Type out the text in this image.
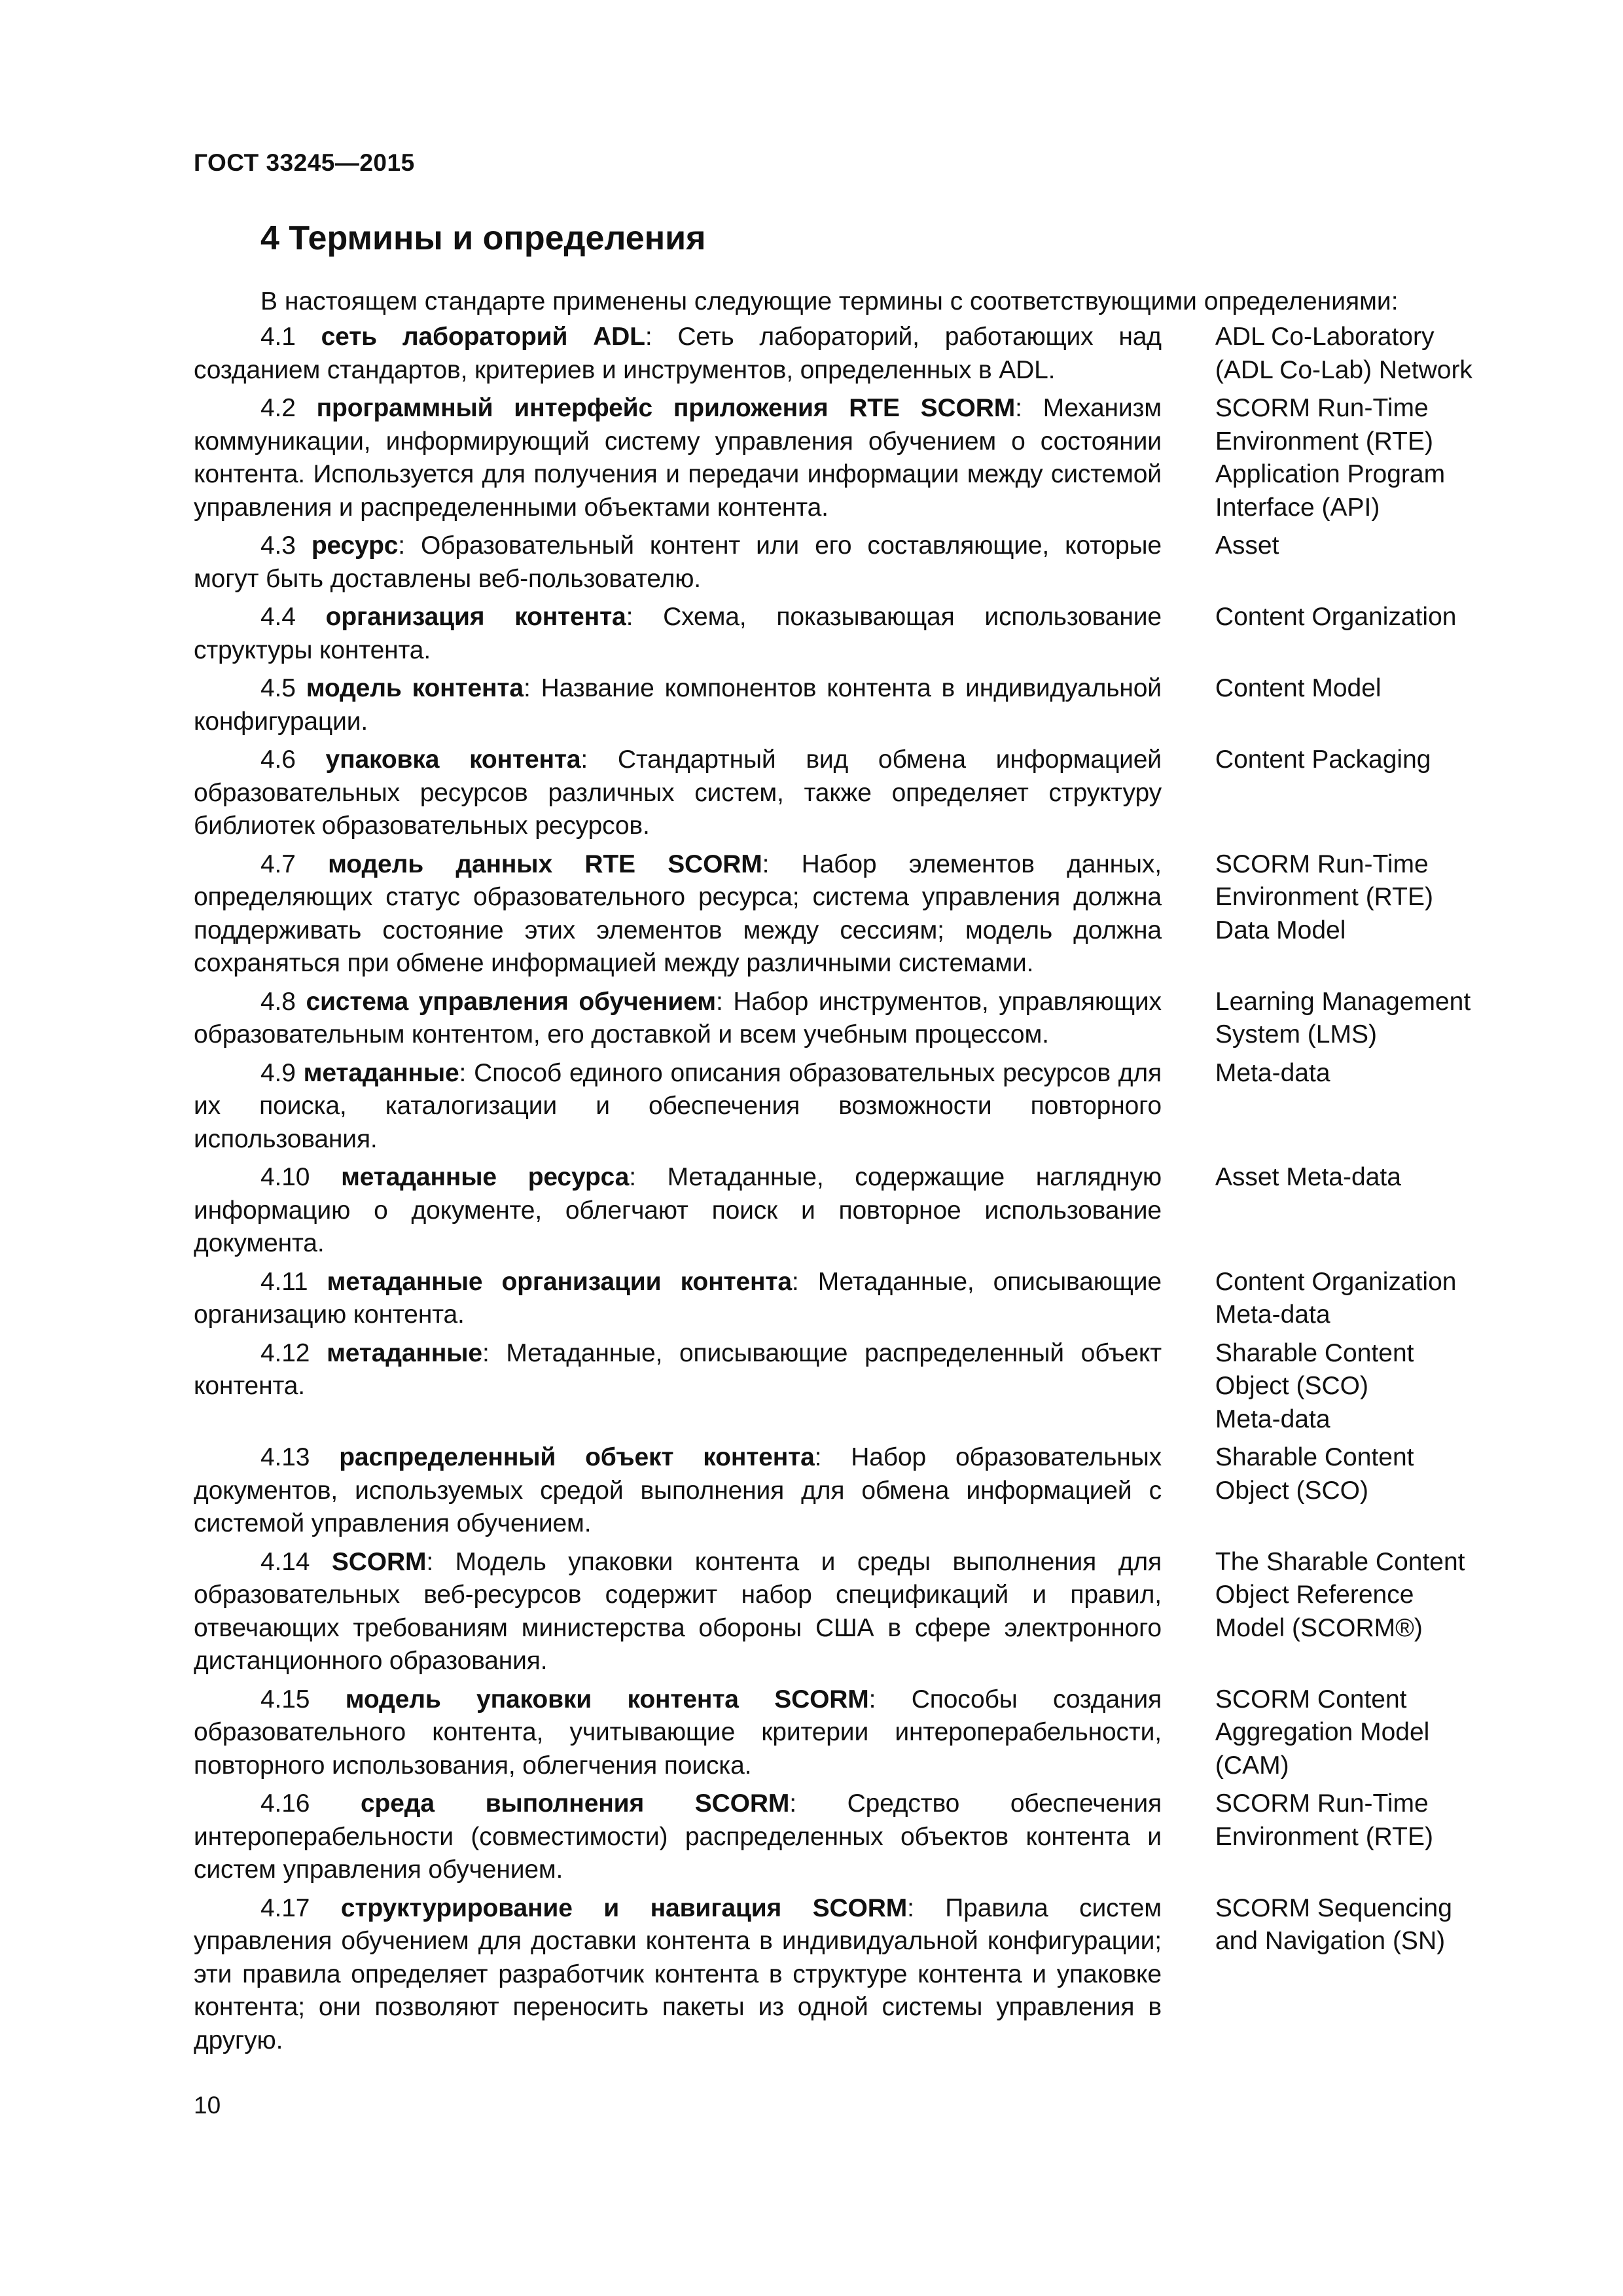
ГОСТ 33245—2015
4 Термины и определения
В настоящем стандарте применены следующие термины с соответствующими определениями:
4.1 сеть лабораторий ADL: Сеть лабораторий, работающих над созданием стандартов, критериев и инструментов, определенных в ADL.
ADL Co-Laboratory
(ADL Co-Lab) Network
4.2 программный интерфейс приложения RTE SCORM: Механизм коммуникации, информирующий систему управления обучением о состоянии контента. Используется для получения и передачи информации между системой управления и распределенными объектами контента.
SCORM Run-Time
Environment (RTE)
Application Program
Interface (API)
4.3 ресурс: Образовательный контент или его составляющие, которые могут быть доставлены веб-пользователю.
Asset
4.4 организация контента: Схема, показывающая использование структуры контента.
Content Organization
4.5 модель контента: Название компонентов контента в индивидуальной конфигурации.
Content Model
4.6 упаковка контента: Стандартный вид обмена информацией образовательных ресурсов различных систем, также определяет структуру библиотек образовательных ресурсов.
Content Packaging
4.7 модель данных RTE SCORM: Набор элементов данных, определяющих статус образовательного ресурса; система управления должна поддерживать состояние этих элементов между сессиям; модель должна сохраняться при обмене информацией между различными системами.
SCORM Run-Time
Environment (RTE)
Data Model
4.8 система управления обучением: Набор инструментов, управляющих образовательным контентом, его доставкой и всем учебным процессом.
Learning Management
System (LMS)
4.9 метаданные: Способ единого описания образовательных ресурсов для их поиска, каталогизации и обеспечения возможности повторного использования.
Meta-data
4.10 метаданные ресурса: Метаданные, содержащие наглядную информацию о документе, облегчают поиск и повторное использование документа.
Asset Meta-data
4.11 метаданные организации контента: Метаданные, описывающие организацию контента.
Content Organization
Meta-data
4.12 метаданные: Метаданные, описывающие распределенный объект контента.
Sharable Content
Object (SCO)
Meta-data
4.13 распределенный объект контента: Набор образовательных документов, используемых средой выполнения для обмена информацией с системой управления обучением.
Sharable Content
Object (SCO)
4.14 SCORM: Модель упаковки контента и среды выполнения для образовательных веб-ресурсов содержит набор спецификаций и правил, отвечающих требованиям министерства обороны США в сфере электронного дистанционного образования.
The Sharable Content
Object Reference
Model (SCORM®)
4.15 модель упаковки контента SCORM: Способы создания образовательного контента, учитывающие критерии интероперабельности, повторного использования, облегчения поиска.
SCORM Content
Aggregation Model
(CAM)
4.16 среда выполнения SCORM: Средство обеспечения интероперабельности (совместимости) распределенных объектов контента и систем управления обучением.
SCORM Run-Time
Environment (RTE)
4.17 структурирование и навигация SCORM: Правила систем управления обучением для доставки контента в индивидуальной конфигурации; эти правила определяет разработчик контента в структуре контента и упаковке контента; они позволяют переносить пакеты из одной системы управления в другую.
SCORM Sequencing
and Navigation (SN)
10
